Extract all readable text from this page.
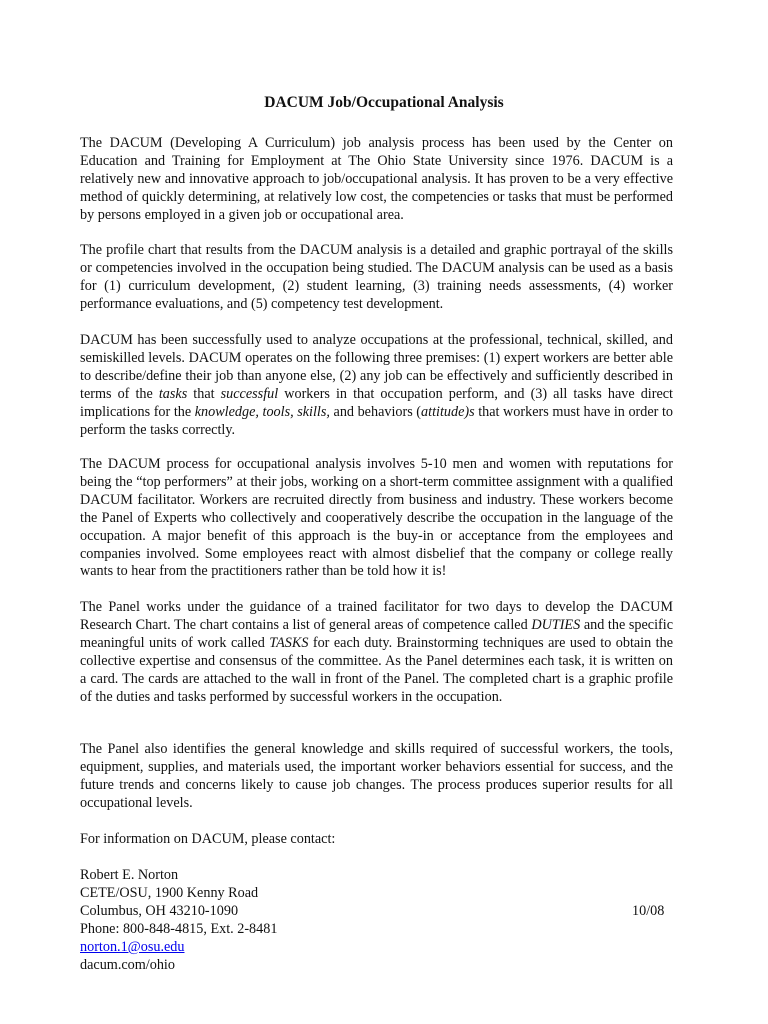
DACUM Job/Occupational Analysis
The DACUM (Developing A Curriculum) job analysis process has been used by the Center on Education and Training for Employment at The Ohio State University since 1976. DACUM is a relatively new and innovative approach to job/occupational analysis. It has proven to be a very effective method of quickly determining, at relatively low cost, the competencies or tasks that must be performed by persons employed in a given job or occupational area.
The profile chart that results from the DACUM analysis is a detailed and graphic portrayal of the skills or competencies involved in the occupation being studied. The DACUM analysis can be used as a basis for (1) curriculum development, (2) student learning, (3) training needs assessments, (4) worker performance evaluations, and (5) competency test development.
DACUM has been successfully used to analyze occupations at the professional, technical, skilled, and semiskilled levels. DACUM operates on the following three premises: (1) expert workers are better able to describe/define their job than anyone else, (2) any job can be effectively and sufficiently described in terms of the tasks that successful workers in that occupation perform, and (3) all tasks have direct implications for the knowledge, tools, skills, and behaviors (attitude)s that workers must have in order to perform the tasks correctly.
The DACUM process for occupational analysis involves 5-10 men and women with reputations for being the “top performers” at their jobs, working on a short-term committee assignment with a qualified DACUM facilitator. Workers are recruited directly from business and industry. These workers become the Panel of Experts who collectively and cooperatively describe the occupation in the language of the occupation. A major benefit of this approach is the buy-in or acceptance from the employees and companies involved. Some employees react with almost disbelief that the company or college really wants to hear from the practitioners rather than be told how it is!
The Panel works under the guidance of a trained facilitator for two days to develop the DACUM Research Chart. The chart contains a list of general areas of competence called DUTIES and the specific meaningful units of work called TASKS for each duty. Brainstorming techniques are used to obtain the collective expertise and consensus of the committee. As the Panel determines each task, it is written on a card. The cards are attached to the wall in front of the Panel. The completed chart is a graphic profile of the duties and tasks performed by successful workers in the occupation.
The Panel also identifies the general knowledge and skills required of successful workers, the tools, equipment, supplies, and materials used, the important worker behaviors essential for success, and the future trends and concerns likely to cause job changes. The process produces superior results for all occupational levels.
For information on DACUM, please contact:
Robert E. Norton
CETE/OSU, 1900 Kenny Road
Columbus, OH 43210-1090
Phone: 800-848-4815, Ext. 2-8481
norton.1@osu.edu
dacum.com/ohio
10/08
